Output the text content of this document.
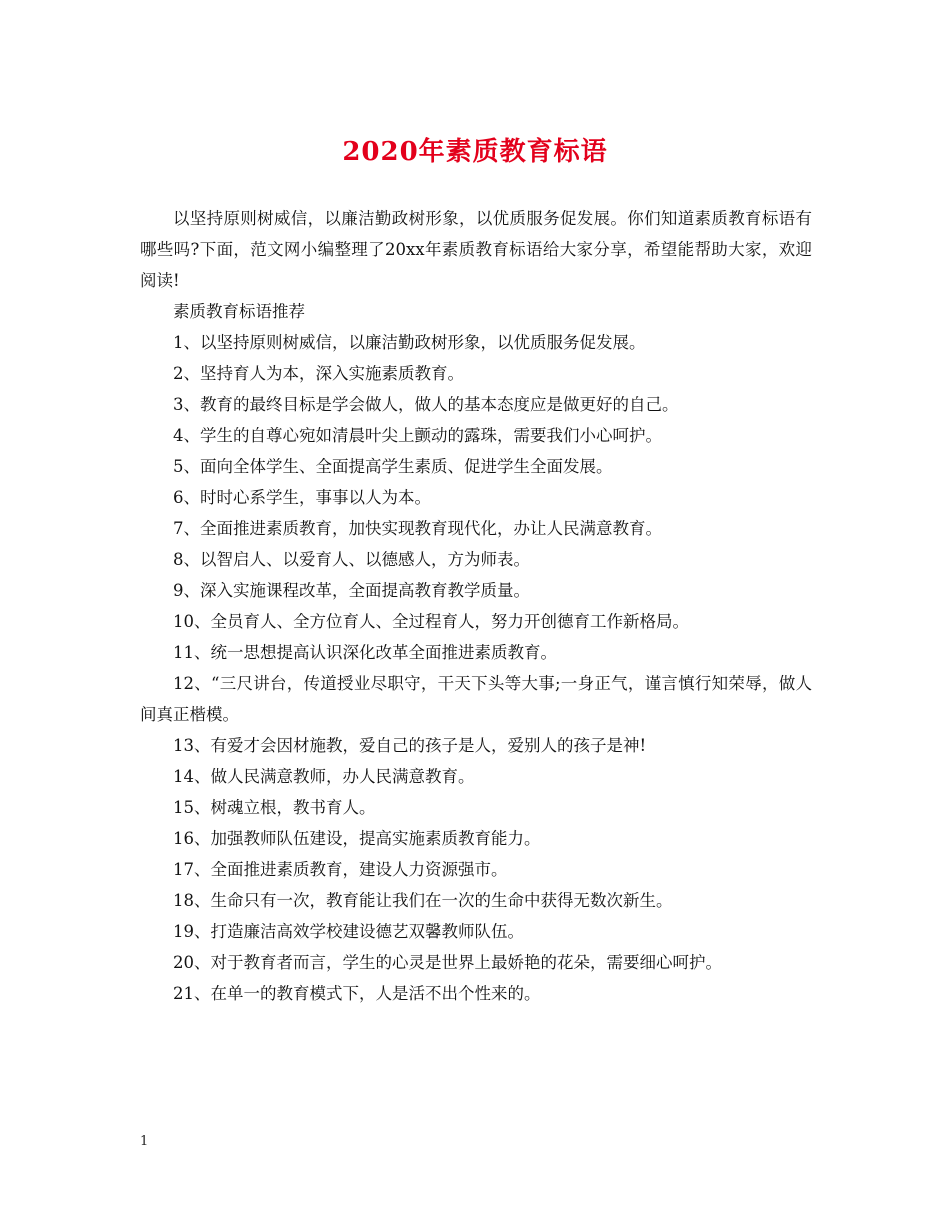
2020年素质教育标语

以坚持原则树威信，以廉洁勤政树形象，以优质服务促发展。你们知道素质教育标语有哪些吗?下面，范文网小编整理了20xx年素质教育标语给大家分享，希望能帮助大家，欢迎阅读!

素质教育标语推荐

1、以坚持原则树威信，以廉洁勤政树形象，以优质服务促发展。
2、坚持育人为本，深入实施素质教育。
3、教育的最终目标是学会做人，做人的基本态度应是做更好的自己。
4、学生的自尊心宛如清晨叶尖上颤动的露珠，需要我们小心呵护。
5、面向全体学生、全面提高学生素质、促进学生全面发展。
6、时时心系学生，事事以人为本。
7、全面推进素质教育，加快实现教育现代化，办让人民满意教育。
8、以智启人、以爱育人、以德感人，方为师表。
9、深入实施课程改革，全面提高教育教学质量。
10、全员育人、全方位育人、全过程育人，努力开创德育工作新格局。
11、统一思想提高认识深化改革全面推进素质教育。
12、“三尺讲台，传道授业尽职守，干天下头等大事;一身正气，谨言慎行知荣辱，做人间真正楷模。
13、有爱才会因材施教，爱自己的孩子是人，爱别人的孩子是神!
14、做人民满意教师，办人民满意教育。
15、树魂立根，教书育人。
16、加强教师队伍建设，提高实施素质教育能力。
17、全面推进素质教育，建设人力资源强市。
18、生命只有一次，教育能让我们在一次的生命中获得无数次新生。
19、打造廉洁高效学校建设德艺双馨教师队伍。
20、对于教育者而言，学生的心灵是世界上最娇艳的花朵，需要细心呵护。
21、在单一的教育模式下，人是活不出个性来的。
1
